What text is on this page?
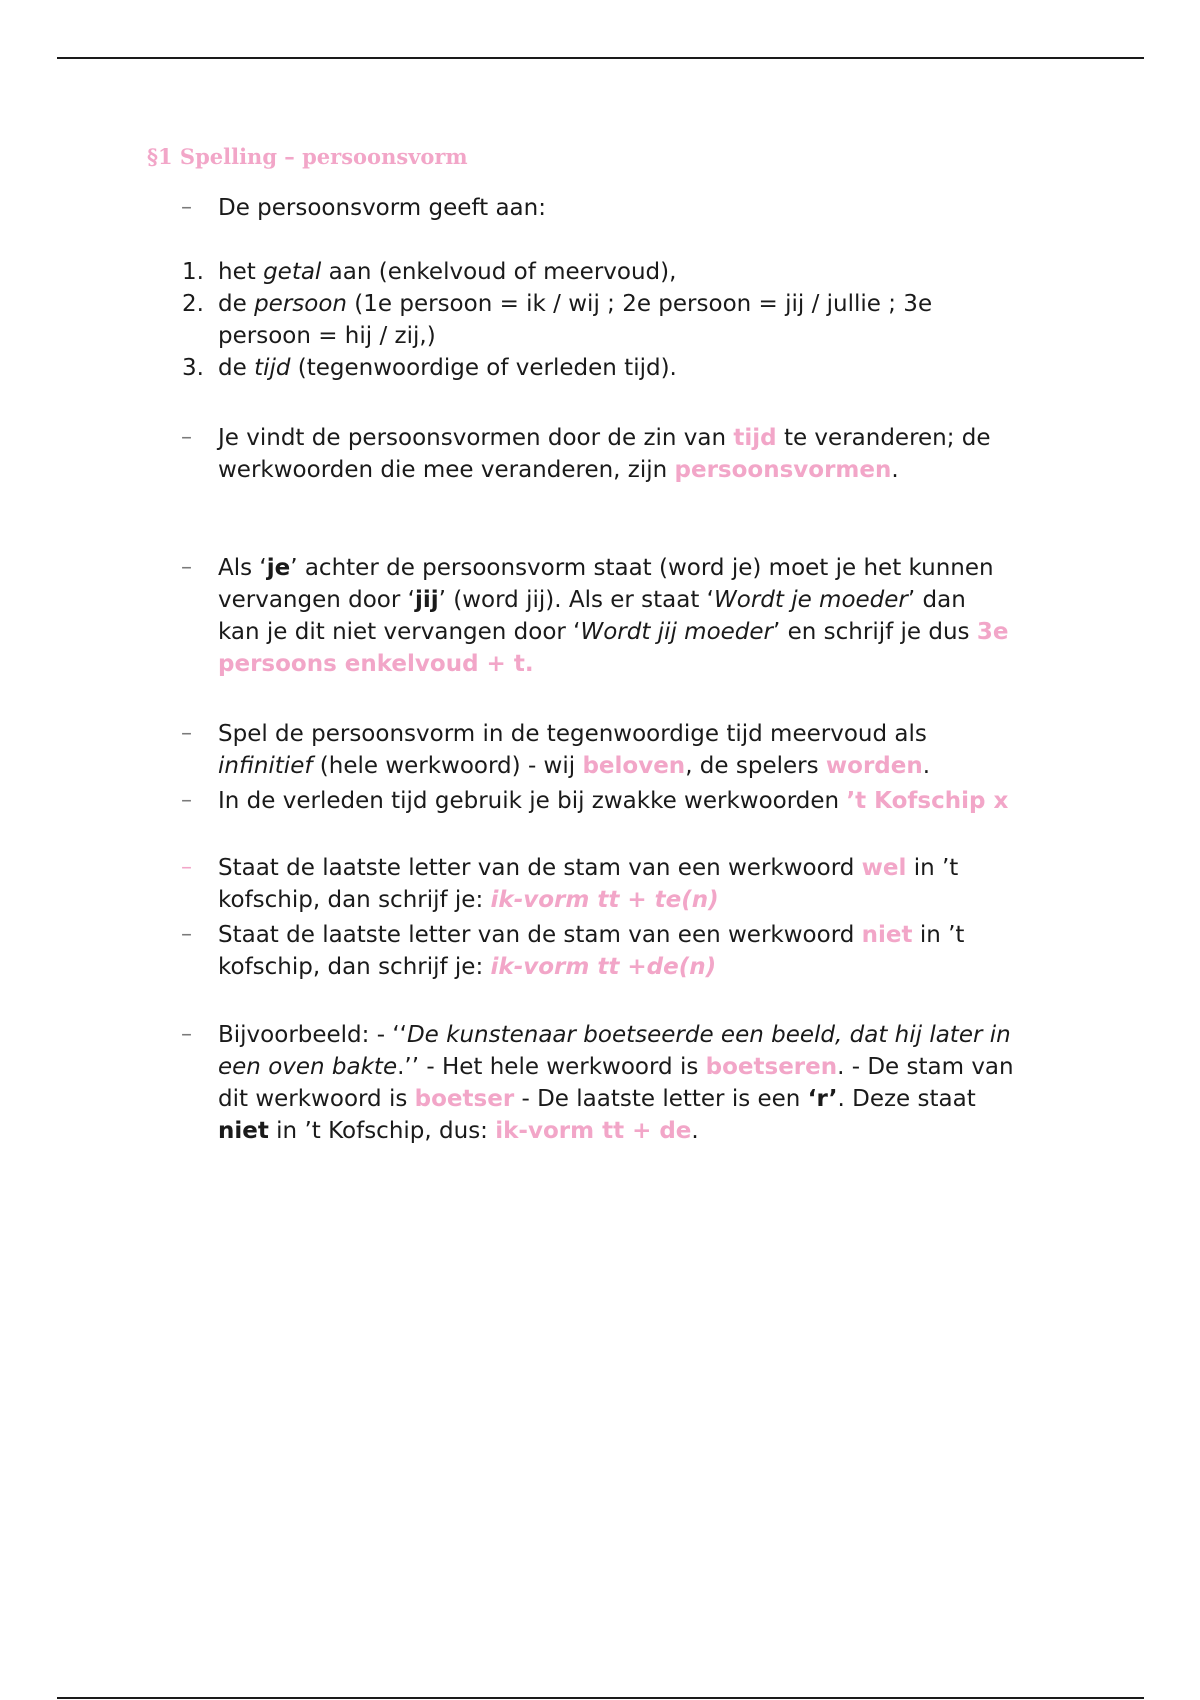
§1 Spelling – persoonsvorm
– De persoonsvorm geeft aan:
1. het getal aan (enkelvoud of meervoud),
2. de persoon (1e persoon = ik / wij ; 2e persoon = jij / jullie ; 3e
persoon = hij / zij,)
3. de tijd (tegenwoordige of verleden tijd).
– Je vindt de persoonsvormen door de zin van tijd te veranderen; de
werkwoorden die mee veranderen, zijn persoonsvormen.
– Als ‘je’ achter de persoonsvorm staat (word je) moet je het kunnen
vervangen door ‘jij’ (word jij). Als er staat ‘Wordt je moeder’ dan
kan je dit niet vervangen door ‘Wordt jij moeder’ en schrijf je dus 3e
persoons enkelvoud + t.
– Spel de persoonsvorm in de tegenwoordige tijd meervoud als
infinitief (hele werkwoord) - wij beloven, de spelers worden.
– In de verleden tijd gebruik je bij zwakke werkwoorden ’t Kofschip x
– Staat de laatste letter van de stam van een werkwoord wel in ’t
kofschip, dan schrijf je: ik-vorm tt + te(n)
– Staat de laatste letter van de stam van een werkwoord niet in ’t
kofschip, dan schrijf je: ik-vorm tt +de(n)
– Bijvoorbeeld: - ‘‘De kunstenaar boetseerde een beeld, dat hij later in
een oven bakte.’’ - Het hele werkwoord is boetseren. - De stam van
dit werkwoord is boetser - De laatste letter is een ‘r’. Deze staat
niet in ’t Kofschip, dus: ik-vorm tt + de.
